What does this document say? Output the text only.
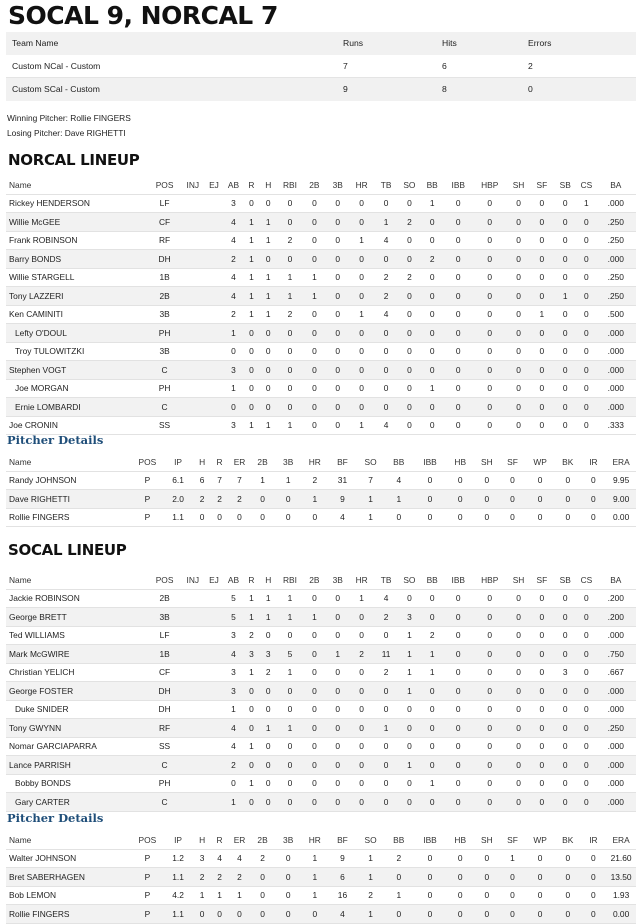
SOCAL 9, NORCAL 7
Team Name	Runs	Hits	Errors
Custom NCal - Custom	7	6	2
Custom SCal - Custom	9	8	0
Winning Pitcher: Rollie FINGERS
Losing Pitcher: Dave RIGHETTI
NORCAL LINEUP
Name	POS	INJ	EJ	AB	R	H	RBI	2B	3B	HR	TB	SO	BB	IBB	HBP	SH	SF	SB	CS	BA
Rickey HENDERSON	LF			3	0	0	0	0	0	0	0	0	1	0	0	0	0	0	1	.000
Willie McGEE	CF			4	1	1	0	0	0	0	1	2	0	0	0	0	0	0	0	.250
Frank ROBINSON	RF			4	1	1	2	0	0	1	4	0	0	0	0	0	0	0	0	.250
Barry BONDS	DH			2	1	0	0	0	0	0	0	0	2	0	0	0	0	0	0	.000
Willie STARGELL	1B			4	1	1	1	1	0	0	2	2	0	0	0	0	0	0	0	.250
Tony LAZZERI	2B			4	1	1	1	1	0	0	2	0	0	0	0	0	0	1	0	.250
Ken CAMINITI	3B			2	1	1	2	0	0	1	4	0	0	0	0	0	1	0	0	.500
Lefty O'DOUL	PH			1	0	0	0	0	0	0	0	0	0	0	0	0	0	0	0	.000
Troy TULOWITZKI	3B			0	0	0	0	0	0	0	0	0	0	0	0	0	0	0	0	.000
Stephen VOGT	C			3	0	0	0	0	0	0	0	0	0	0	0	0	0	0	0	.000
Joe MORGAN	PH			1	0	0	0	0	0	0	0	0	1	0	0	0	0	0	0	.000
Ernie LOMBARDI	C			0	0	0	0	0	0	0	0	0	0	0	0	0	0	0	0	.000
Joe CRONIN	SS			3	1	1	1	0	0	1	4	0	0	0	0	0	0	0	0	.333
Pitcher Details
Name	POS	IP	H	R	ER	2B	3B	HR	BF	SO	BB	IBB	HB	SH	SF	WP	BK	IR	ERA
Randy JOHNSON	P	6.1	6	7	7	1	1	2	31	7	4	0	0	0	0	0	0	0	9.95
Dave RIGHETTI	P	2.0	2	2	2	0	0	1	9	1	1	0	0	0	0	0	0	0	9.00
Rollie FINGERS	P	1.1	0	0	0	0	0	0	4	1	0	0	0	0	0	0	0	0	0.00
SOCAL LINEUP
Name	POS	INJ	EJ	AB	R	H	RBI	2B	3B	HR	TB	SO	BB	IBB	HBP	SH	SF	SB	CS	BA
Jackie ROBINSON	2B			5	1	1	1	0	0	1	4	0	0	0	0	0	0	0	0	.200
George BRETT	3B			5	1	1	1	1	0	0	2	3	0	0	0	0	0	0	0	.200
Ted WILLIAMS	LF			3	2	0	0	0	0	0	0	1	2	0	0	0	0	0	0	.000
Mark McGWIRE	1B			4	3	3	5	0	1	2	11	1	1	0	0	0	0	0	0	.750
Christian YELICH	CF			3	1	2	1	0	0	0	2	1	1	0	0	0	0	3	0	.667
George FOSTER	DH			3	0	0	0	0	0	0	0	1	0	0	0	0	0	0	0	.000
Duke SNIDER	DH			1	0	0	0	0	0	0	0	0	0	0	0	0	0	0	0	.000
Tony GWYNN	RF			4	0	1	1	0	0	0	1	0	0	0	0	0	0	0	0	.250
Nomar GARCIAPARRA	SS			4	1	0	0	0	0	0	0	0	0	0	0	0	0	0	0	.000
Lance PARRISH	C			2	0	0	0	0	0	0	0	1	0	0	0	0	0	0	0	.000
Bobby BONDS	PH			0	1	0	0	0	0	0	0	0	1	0	0	0	0	0	0	.000
Gary CARTER	C			1	0	0	0	0	0	0	0	0	0	0	0	0	0	0	0	.000
Pitcher Details
Name	POS	IP	H	R	ER	2B	3B	HR	BF	SO	BB	IBB	HB	SH	SF	WP	BK	IR	ERA
Walter JOHNSON	P	1.2	3	4	4	2	0	1	9	1	2	0	0	0	1	0	0	0	21.60
Bret SABERHAGEN	P	1.1	2	2	2	0	0	1	6	1	0	0	0	0	0	0	0	0	13.50
Bob LEMON	P	4.2	1	1	1	0	0	1	16	2	1	0	0	0	0	0	0	0	1.93
Rollie FINGERS	P	1.1	0	0	0	0	0	0	4	1	0	0	0	0	0	0	0	0	0.00
